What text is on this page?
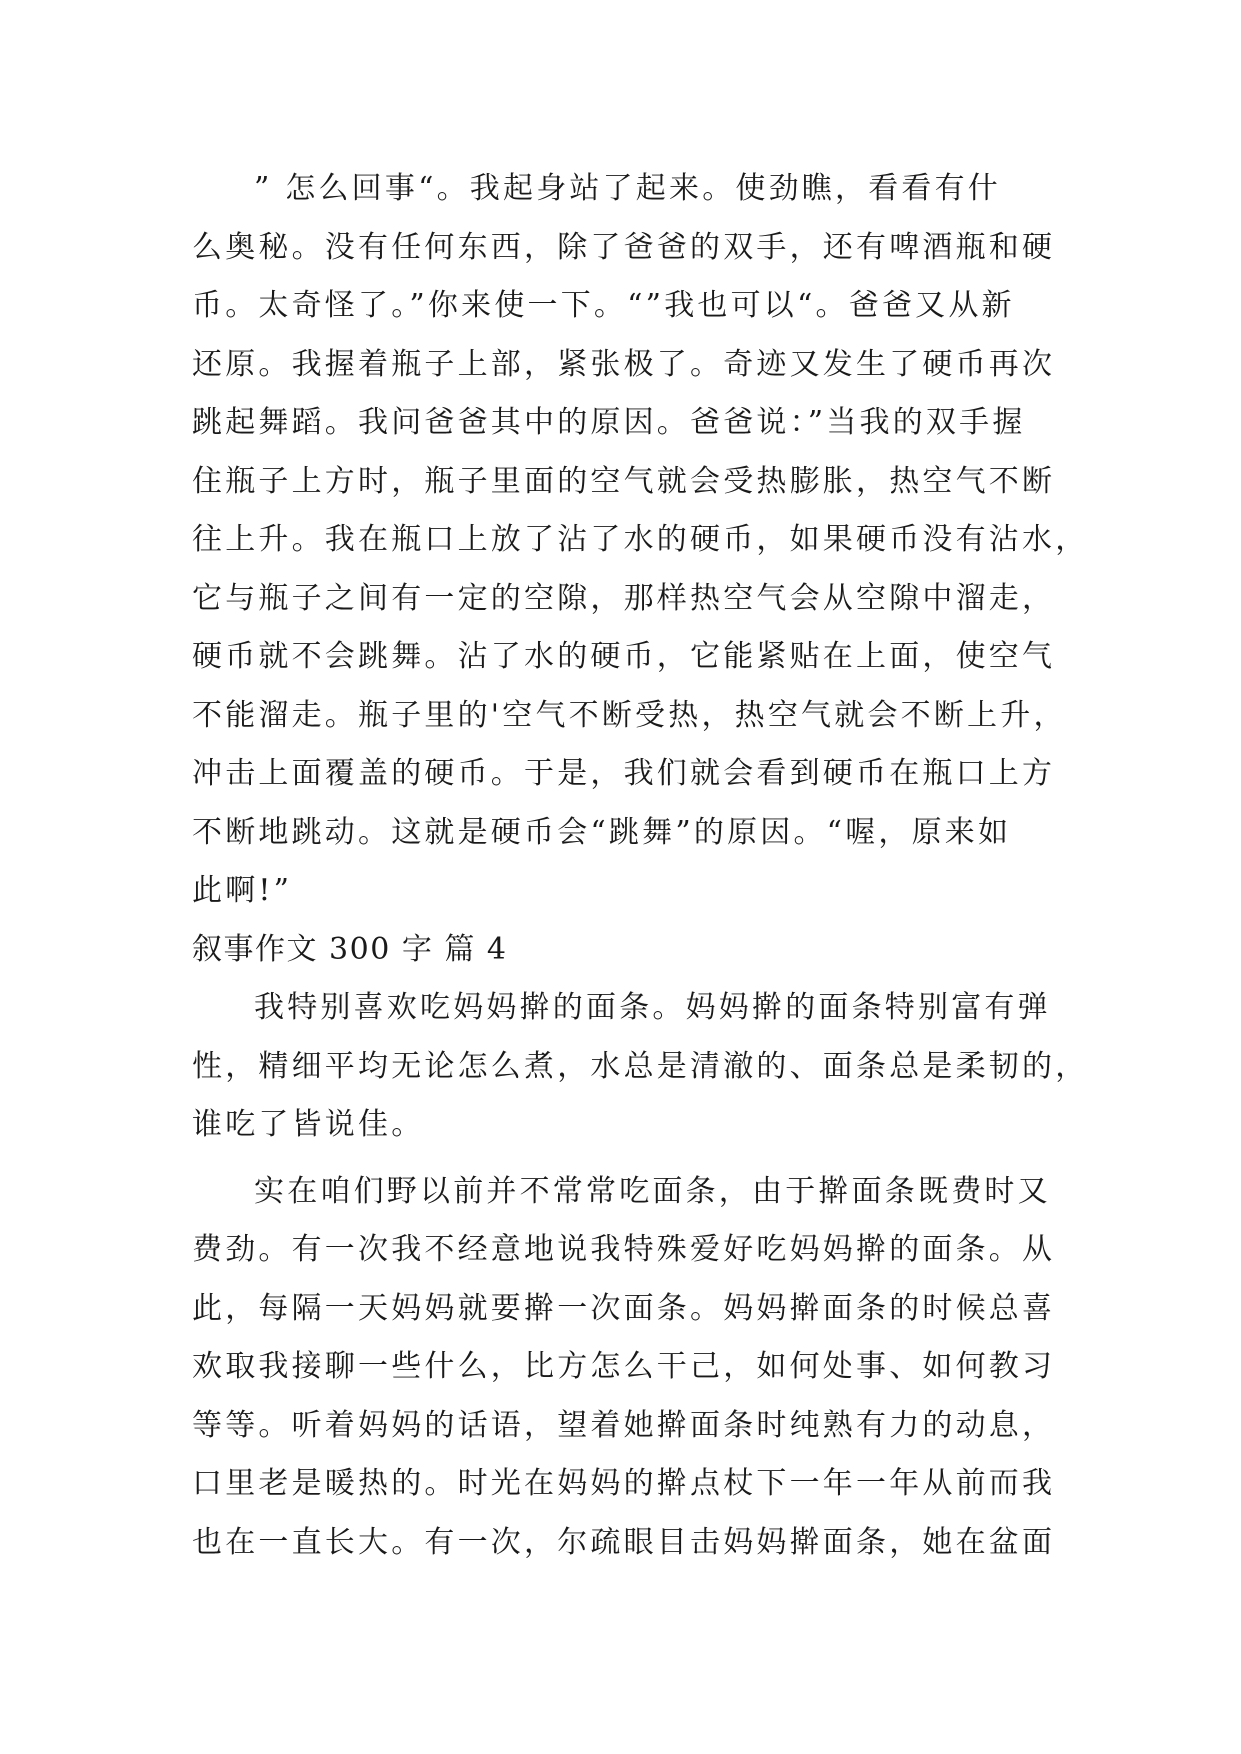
” 怎么回事“。我起身站了起来。使劲瞧，看看有什
么奥秘。没有任何东西，除了爸爸的双手，还有啤酒瓶和硬
币。太奇怪了。”你来使一下。“”我也可以“。爸爸又从新
还原。我握着瓶子上部，紧张极了。奇迹又发生了硬币再次
跳起舞蹈。我问爸爸其中的原因。爸爸说：”当我的双手握
住瓶子上方时，瓶子里面的空气就会受热膨胀，热空气不断
往上升。我在瓶口上放了沾了水的硬币，如果硬币没有沾水，
它与瓶子之间有一定的空隙，那样热空气会从空隙中溜走，
硬币就不会跳舞。沾了水的硬币，它能紧贴在上面，使空气
不能溜走。瓶子里的'空气不断受热，热空气就会不断上升，
冲击上面覆盖的硬币。于是，我们就会看到硬币在瓶口上方
不断地跳动。这就是硬币会“跳舞”的原因。“喔，原来如
此啊!”
叙事作文 300 字 篇 4
我特别喜欢吃妈妈擀的面条。妈妈擀的面条特别富有弹
性，精细平均无论怎么煮，水总是清澈的、面条总是柔韧的，
谁吃了皆说佳。
实在咱们野以前并不常常吃面条，由于擀面条既费时又
费劲。有一次我不经意地说我特殊爱好吃妈妈擀的面条。从
此，每隔一天妈妈就要擀一次面条。妈妈擀面条的时候总喜
欢取我接聊一些什么，比方怎么干己，如何处事、如何教习
等等。听着妈妈的话语，望着她擀面条时纯熟有力的动息，
口里老是暖热的。时光在妈妈的擀点杖下一年一年从前而我
也在一直长大。有一次，尔疏眼目击妈妈擀面条，她在盆面
